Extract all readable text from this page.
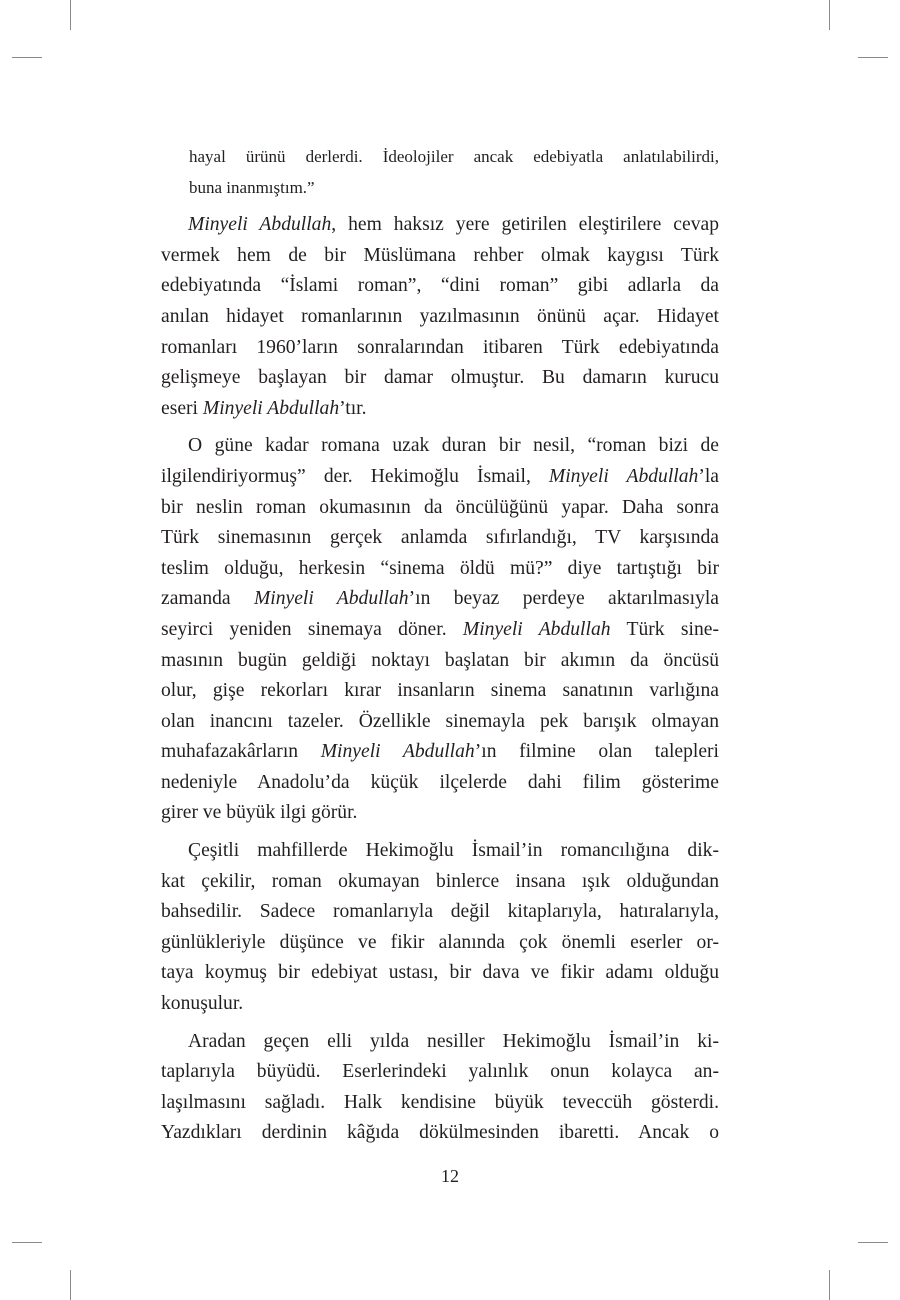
hayal ürünü derlerdi. İdeolojiler ancak edebiyatla anlatılabilirdi,
buna inanmıştım.”
Minyeli Abdullah, hem haksız yere getirilen eleştirilere cevap
vermek hem de bir Müslümana rehber olmak kaygısı Türk
edebiyatında “İslami roman”, “dini roman” gibi adlarla da
anılan hidayet romanlarının yazılmasının önünü açar. Hidayet
romanları 1960’ların sonralarından itibaren Türk edebiyatında
gelişmeye başlayan bir damar olmuştur. Bu damarın kurucu
eseri Minyeli Abdullah’tır.
O güne kadar romana uzak duran bir nesil, “roman bizi de
ilgilendiriyormuş” der. Hekimoğlu İsmail, Minyeli Abdullah’la
bir neslin roman okumasının da öncülüğünü yapar. Daha sonra
Türk sinemasının gerçek anlamda sıfırlandığı, TV karşısında
teslim olduğu, herkesin “sinema öldü mü?” diye tartıştığı bir
zamanda Minyeli Abdullah’ın beyaz perdeye aktarılmasıyla
seyirci yeniden sinemaya döner. Minyeli Abdullah Türk sine-
masının bugün geldiği noktayı başlatan bir akımın da öncüsü
olur, gişe rekorları kırar insanların sinema sanatının varlığına
olan inancını tazeler. Özellikle sinemayla pek barışık olmayan
muhafazakârların Minyeli Abdullah’ın filmine olan talepleri
nedeniyle Anadolu’da küçük ilçelerde dahi filim gösterime
girer ve büyük ilgi görür.
Çeşitli mahfillerde Hekimoğlu İsmail’in romancılığına dik-
kat çekilir, roman okumayan binlerce insana ışık olduğundan
bahsedilir. Sadece romanlarıyla değil kitaplarıyla, hatıralarıyla,
günlükleriyle düşünce ve fikir alanında çok önemli eserler or-
taya koymuş bir edebiyat ustası, bir dava ve fikir adamı olduğu
konuşulur.
Aradan geçen elli yılda nesiller Hekimoğlu İsmail’in ki-
taplarıyla büyüdü. Eserlerindeki yalınlık onun kolayca an-
laşılmasını sağladı. Halk kendisine büyük teveccüh gösterdi.
Yazdıkları derdinin kâğıda dökülmesinden ibaretti. Ancak o
12
